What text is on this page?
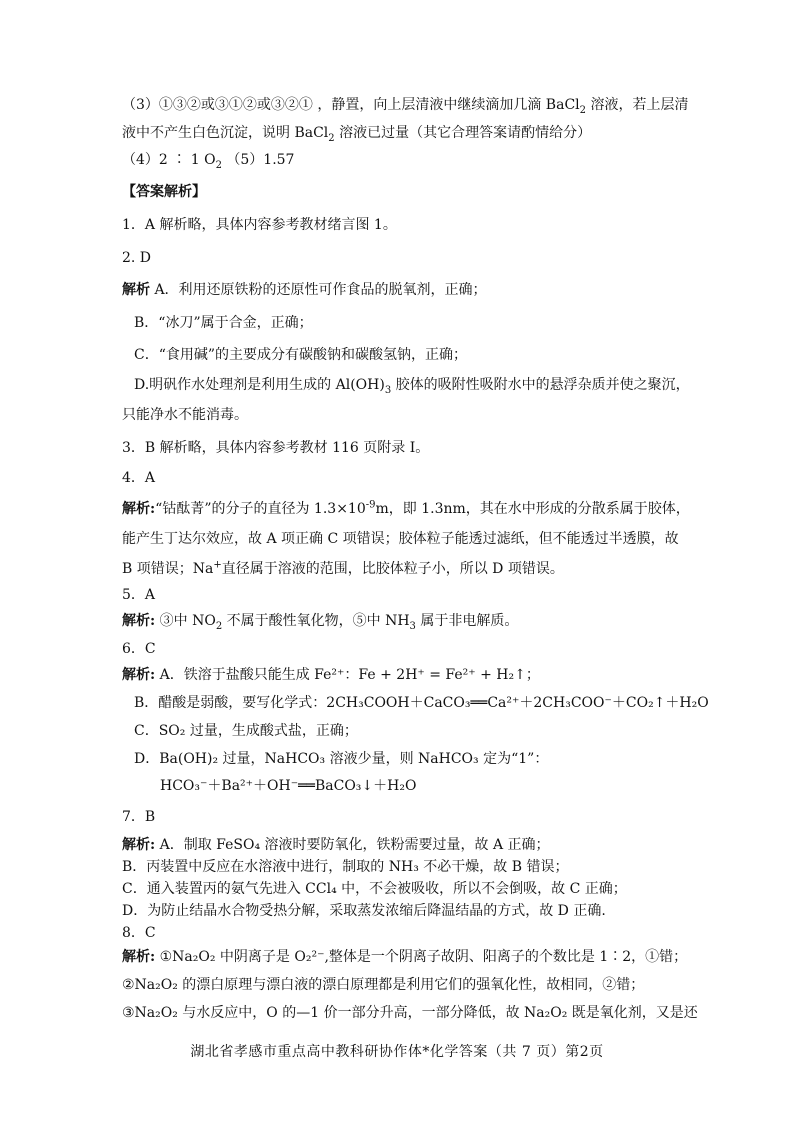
（3）①③②或③①②或③②① ，静置，向上层清液中继续滴加几滴 BaCl$_2$ 溶液，若上层清
液中不产生白色沉淀，说明 BaCl$_2$ 溶液已过量（其它合理答案请酌情给分）
（4）2 ∶ 1 $O_2$ （5）1.57
【答案解析】
1．A 解析略，具体内容参考教材绪言图 1。
2. D
解析 A．利用还原铁粉的还原性可作食品的脱氧剂，正确；
B．“冰刀”属于合金，正确；
C．“食用碱”的主要成分有碳酸钠和碳酸氢钠，正确；
D.明矾作水处理剂是利用生成的 $Al(OH)_3$ 胶体的吸附性吸附水中的悬浮杂质并使之聚沉，
只能净水不能消毒。
3．B 解析略，具体内容参考教材 116 页附录 I。
4．A
解析:“钴酞菁”的分子的直径为 $1.3\times 10^{-9}m$，即 1.3nm，其在水中形成的分散系属于胶体，
能产生丁达尔效应，故 A 项正确 C 项错误；胶体粒子能透过滤纸，但不能透过半透膜，故
B 项错误；Na+直径属于溶液的范围，比胶体粒子小，所以 D 项错误。
5．A
解析: ③中 $NO_2$ 不属于酸性氧化物，⑤中 $NH_3$ 属于非电解质。
6．C
解析: A．铁溶于盐酸只能生成 Fe²⁺：Fe + 2H⁺ = Fe²⁺ + H₂↑；
B．醋酸是弱酸，要写化学式：2CH₃COOH＋CaCO₃══Ca²⁺＋2CH₃COO⁻＋CO₂↑＋H₂O
C．SO₂ 过量，生成酸式盐，正确；
D．Ba(OH)₂ 过量，NaHCO₃ 溶液少量，则 NaHCO₃ 定为“1”：
HCO₃⁻＋Ba²⁺＋OH⁻══BaCO₃↓＋H₂O
7．B
解析: A．制取 FeSO₄ 溶液时要防氧化，铁粉需要过量，故 A 正确；
B．丙装置中反应在水溶液中进行，制取的 NH₃ 不必干燥，故 B 错误；
C．通入装置丙的氨气先进入 CCl₄ 中，不会被吸收，所以不会倒吸，故 C 正确；
D．为防止结晶水合物受热分解，采取蒸发浓缩后降温结晶的方式，故 D 正确.
8．C
解析: ①Na₂O₂ 中阴离子是 O₂²⁻,整体是一个阴离子故阴、阳离子的个数比是 1∶2，①错；
②Na₂O₂ 的漂白原理与漂白液的漂白原理都是利用它们的强氧化性，故相同，②错；
③Na₂O₂ 与水反应中，O 的—1 价一部分升高，一部分降低，故 Na₂O₂ 既是氧化剂，又是还
湖北省孝感市重点高中教科研协作体*化学答案（共 7 页）第2页
